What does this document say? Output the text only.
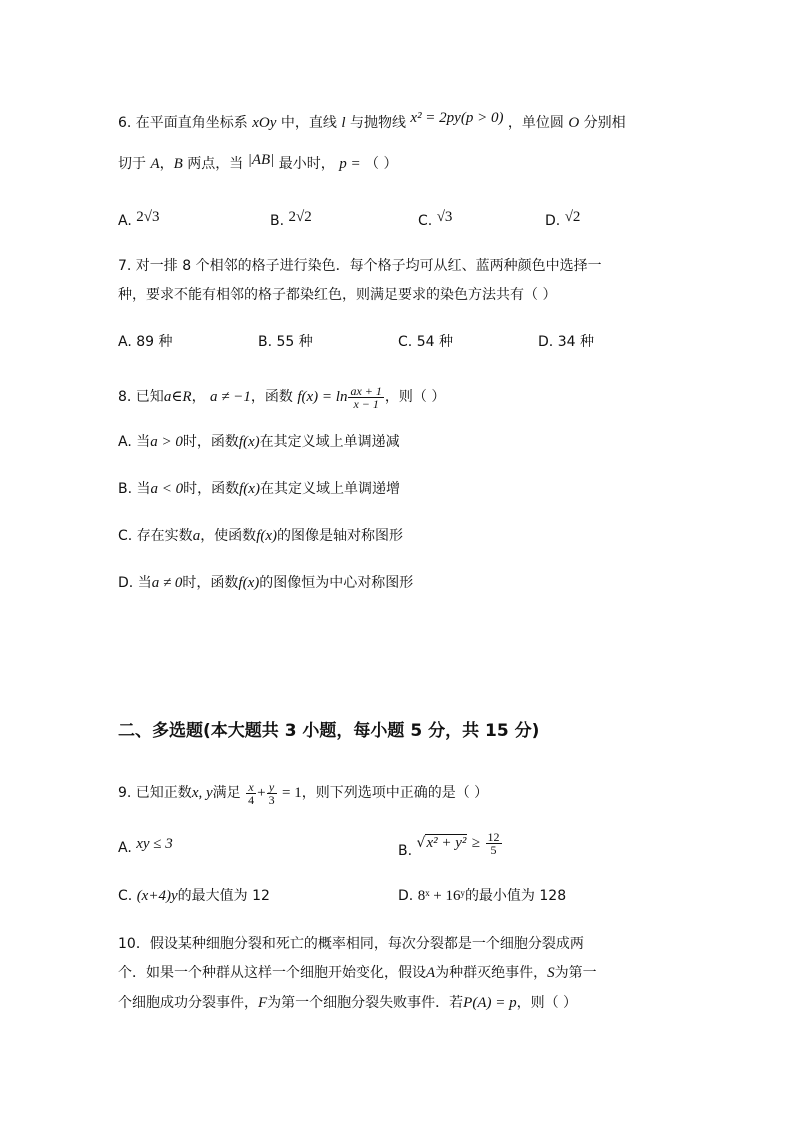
6. 在平面直角坐标系 xOy 中，直线 l 与抛物线 x² = 2py(p > 0) ，单位圆 O 分别相
切于 A，B 两点，当 |AB| 最小时， p = （ ）
A. 2√3	B. 2√2	C. √3	D. √2
7. 对一排 8 个相邻的格子进行染色．每个格子均可从红、蓝两种颜色中选择一
种，要求不能有相邻的格子都染红色，则满足要求的染色方法共有（ ）
A. 89 种	B. 55 种	C. 54 种	D. 34 种
8. 已知a∈R， a ≠ −1，函数 $f(x) = \ln \frac{ax + 1}{x - 1}$ ，则（ ）
A. 当a > 0时，函数f(x)在其定义域上单调递减
B. 当a < 0时，函数f(x)在其定义域上单调递增
C. 存在实数a，使函数f(x)的图像是轴对称图形
D. 当a ≠ 0时，函数f(x)的图像恒为中心对称图形
二、多选题(本大题共 3 小题，每小题 5 分，共 15 分)
9. 已知正数x, y满足 $\frac{x}{4} + \frac{y}{3} = 1$，则下列选项中正确的是（ ）
A. xy ≤ 3	B. $√x^2 + y^2 \ge \frac{12}{5}$
C. (x+4)y的最大值为 12	D. 8ˣ + 16ʸ的最小值为 128
10．假设某种细胞分裂和死亡的概率相同，每次分裂都是一个细胞分裂成两
个．如果一个种群从这样一个细胞开始变化，假设A为种群灭绝事件，S为第一
个细胞成功分裂事件，F为第一个细胞分裂失败事件．若P(A) = p，则（ ）
